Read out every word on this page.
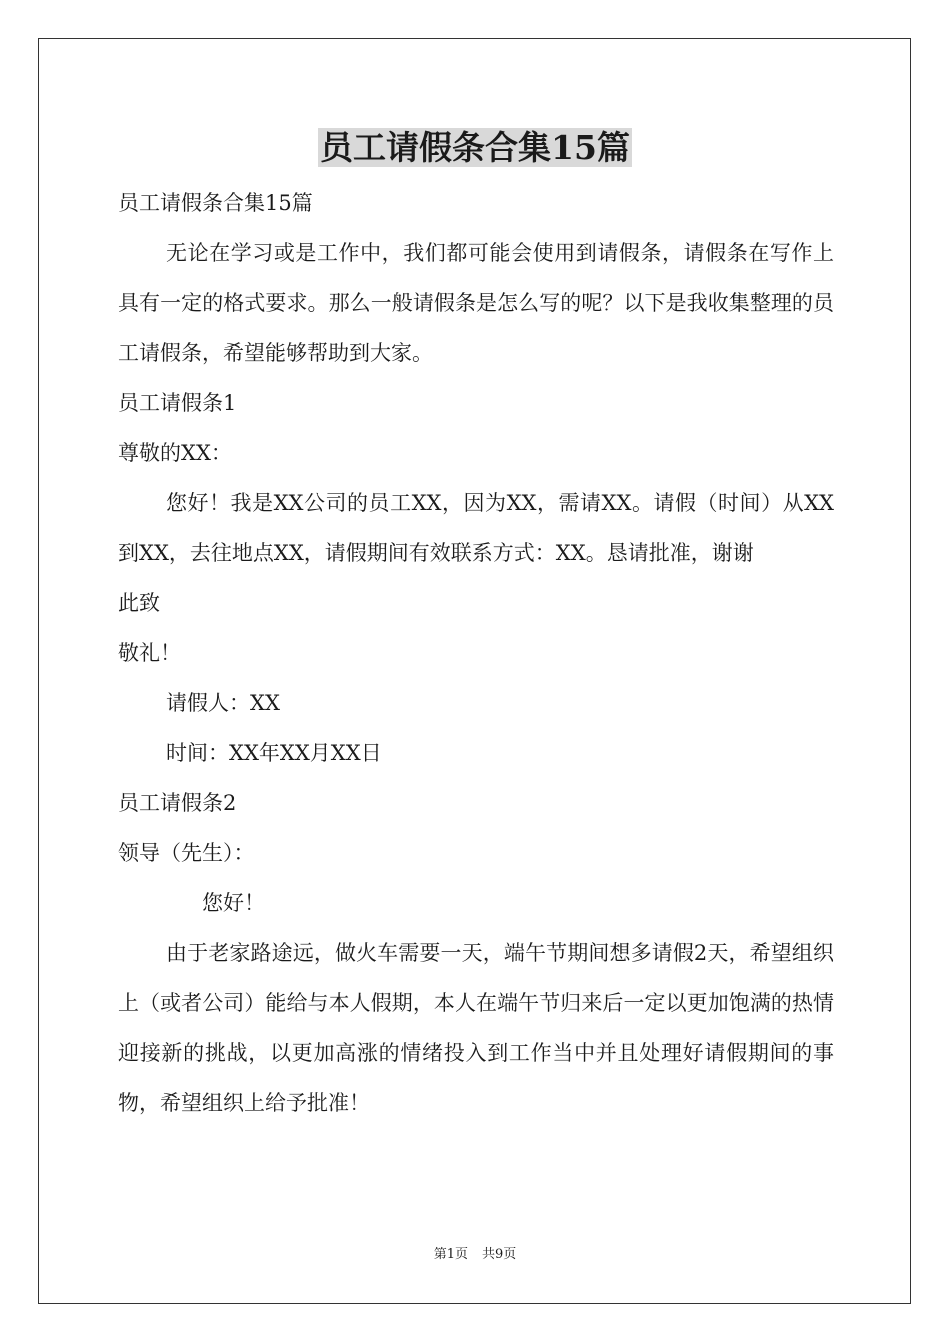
员工请假条合集15篇

员工请假条合集15篇

无论在学习或是工作中，我们都可能会使用到请假条，请假条在写作上具有一定的格式要求。那么一般请假条是怎么写的呢？以下是我收集整理的员工请假条，希望能够帮助到大家。

员工请假条1

尊敬的XX：

您好！我是XX公司的员工XX，因为XX，需请XX。请假（时间）从XX到XX，去往地点XX，请假期间有效联系方式：XX。恳请批准，谢谢

此致

敬礼！

请假人：XX

时间：XX年XX月XX日

员工请假条2

领导（先生）：

您好！

由于老家路途远，做火车需要一天，端午节期间想多请假2天，希望组织上（或者公司）能给与本人假期，本人在端午节归来后一定以更加饱满的热情迎接新的挑战，以更加高涨的情绪投入到工作当中并且处理好请假期间的事物，希望组织上给予批准！

第1页 共9页
